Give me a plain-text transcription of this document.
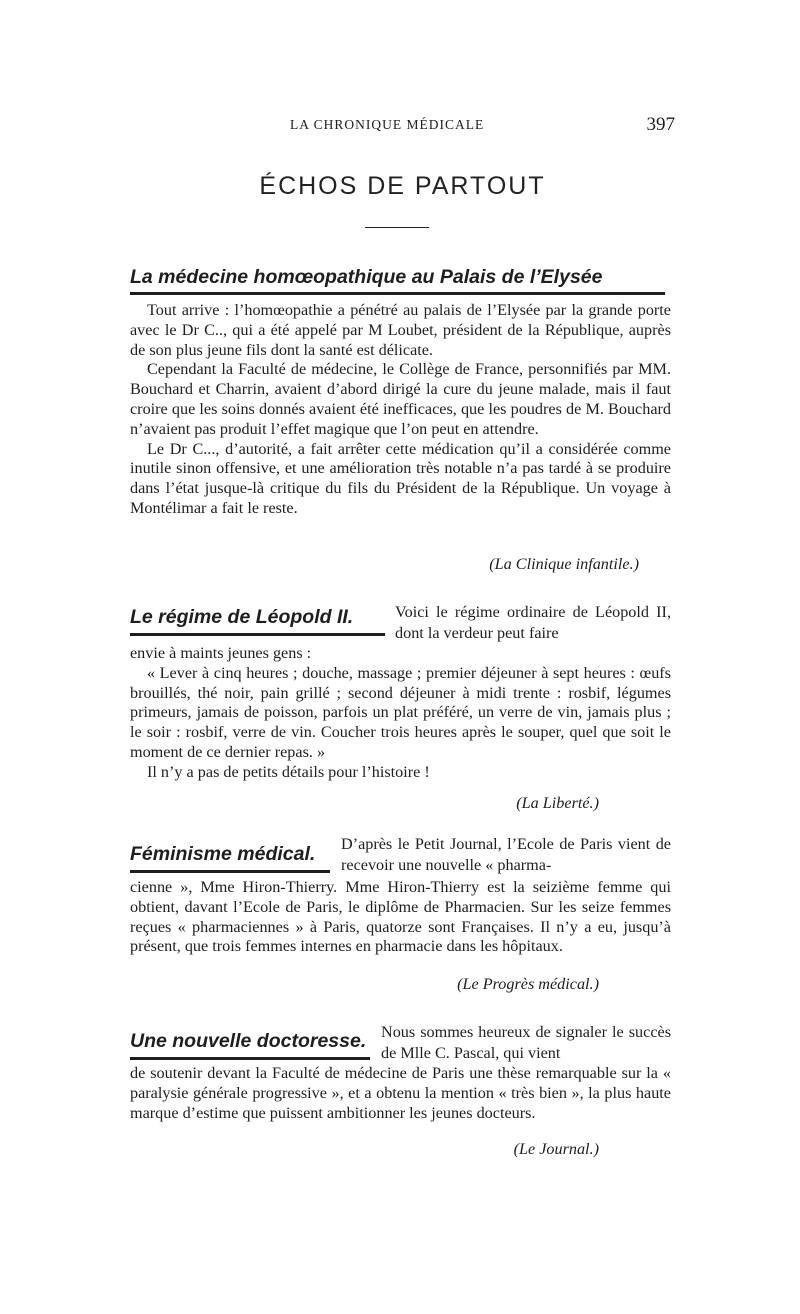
LA CHRONIQUE MÉDICALE	397
ÉCHOS DE PARTOUT
La médecine homœopathique au Palais de l’Elysée

Tout arrive : l’homœopathie a pénétré au palais de l’Elysée par la grande porte avec le Dr C.., qui a été appelé par M Loubet, président de la République, auprès de son plus jeune fils dont la santé est délicate.

Cependant la Faculté de médecine, le Collège de France, personnifiés par MM. Bouchard et Charrin, avaient d’abord dirigé la cure du jeune malade, mais il faut croire que les soins donnés avaient été inefficaces, que les poudres de M. Bouchard n’avaient pas produit l’effet magique que l’on peut en attendre.

Le Dr C..., d’autorité, a fait arrêter cette médication qu’il a considérée comme inutile sinon offensive, et une amélioration très notable n’a pas tardé à se produire dans l’état jusque-là critique du fils du Président de la République. Un voyage à Montélimar a fait le reste.

(La Clinique infantile.)
Le régime de Léopold II.	Voici le régime ordinaire de Léopold II, dont la verdeur peut faire

envie à maints jeunes gens :

« Lever à cinq heures ; douche, massage ; premier déjeuner à sept heures : œufs brouillés, thé noir, pain grillé ; second déjeuner à midi trente : rosbif, légumes primeurs, jamais de poisson, parfois un plat préféré, un verre de vin, jamais plus ; le soir : rosbif, verre de vin. Coucher trois heures après le souper, quel que soit le moment de ce dernier repas. »

Il n’y a pas de petits détails pour l’histoire !

(La Liberté.)
Féminisme médical.	D’après le Petit Journal, l’Ecole de Paris vient de recevoir une nouvelle « pharma-

cienne », Mme Hiron-Thierry. Mme Hiron-Thierry est la seizième femme qui obtient, davant l’Ecole de Paris, le diplôme de Pharmacien. Sur les seize femmes reçues « pharmaciennes » à Paris, quatorze sont Françaises. Il n’y a eu, jusqu’à présent, que trois femmes internes en pharmacie dans les hôpitaux.

(Le Progrès médical.)
Une nouvelle doctoresse. Nous sommes heureux de signaler le succès de Mlle C. Pascal, qui vient

de soutenir devant la Faculté de médecine de Paris une thèse remarquable sur la « paralysie générale progressive », et a obtenu la mention « très bien », la plus haute marque d’estime que puissent ambitionner les jeunes docteurs.

(Le Journal.)
